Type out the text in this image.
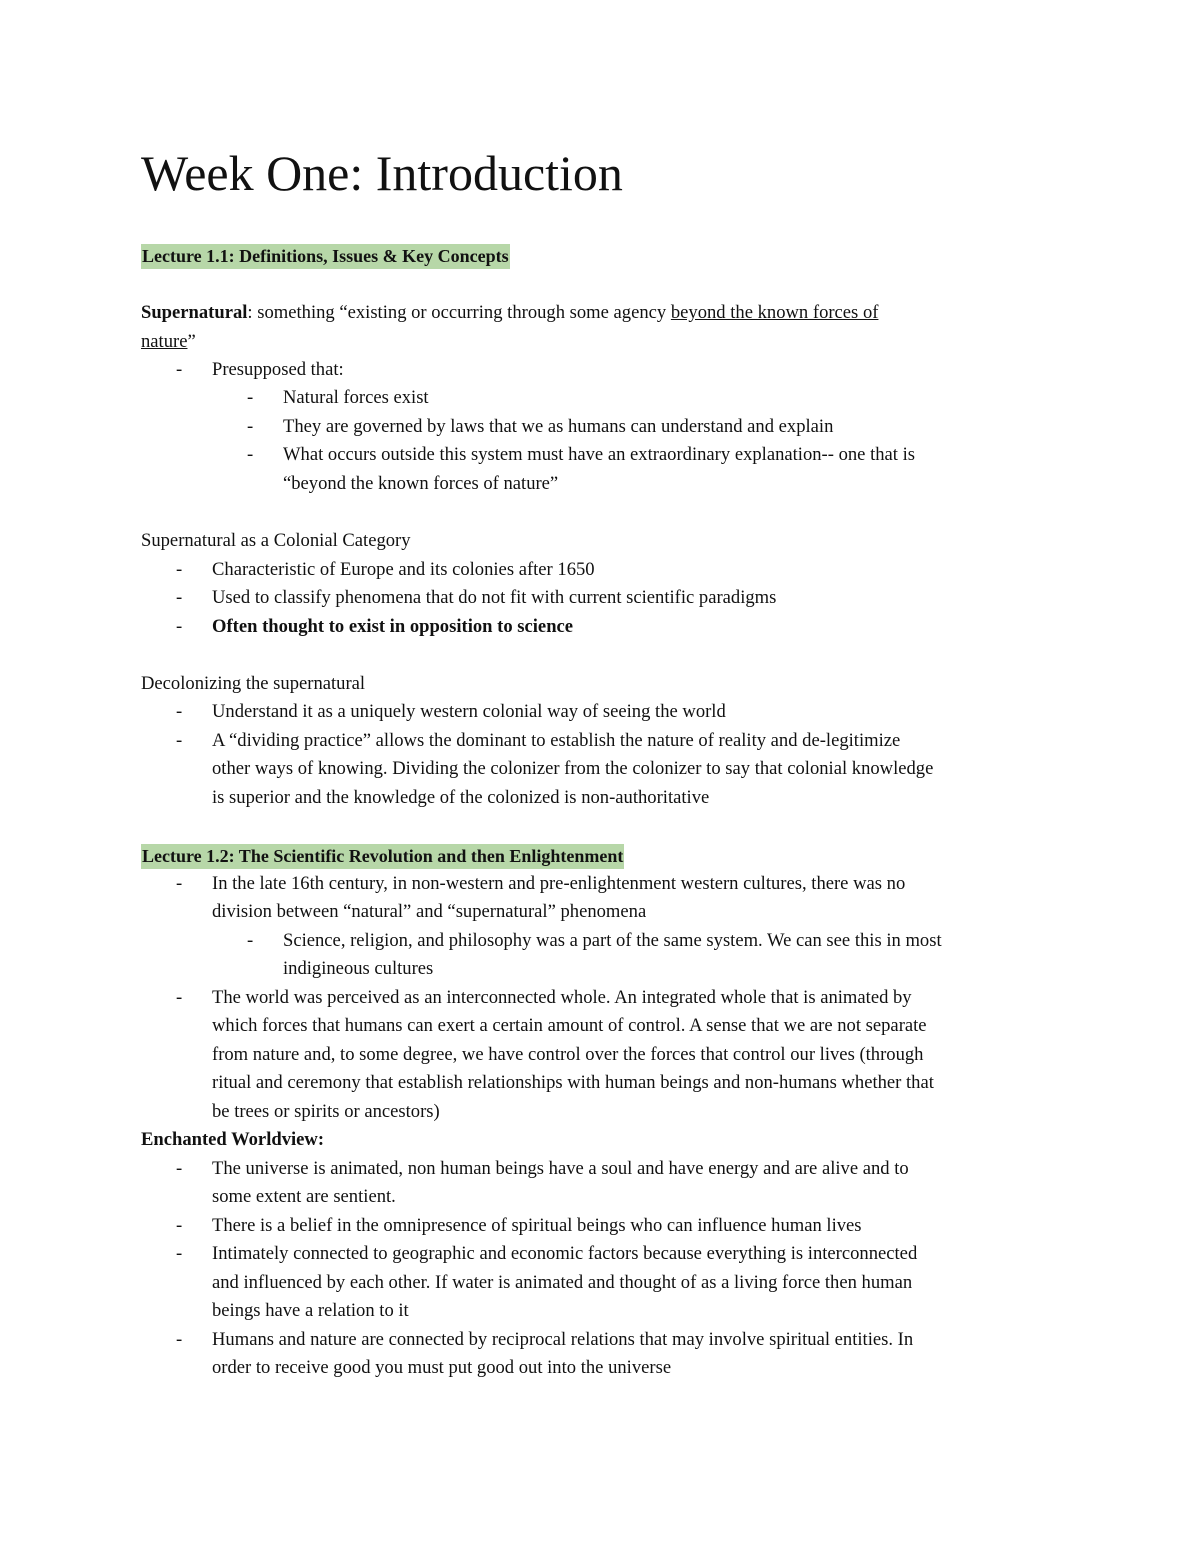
Week One: Introduction
Lecture 1.1: Definitions, Issues & Key Concepts
Supernatural: something “existing or occurring through some agency beyond the known forces of
nature”
- Presupposed that:
- Natural forces exist
- They are governed by laws that we as humans can understand and explain
- What occurs outside this system must have an extraordinary explanation-- one that is
“beyond the known forces of nature”
Supernatural as a Colonial Category
- Characteristic of Europe and its colonies after 1650
- Used to classify phenomena that do not fit with current scientific paradigms
- Often thought to exist in opposition to science
Decolonizing the supernatural
- Understand it as a uniquely western colonial way of seeing the world
- A “dividing practice” allows the dominant to establish the nature of reality and de-legitimize
other ways of knowing. Dividing the colonizer from the colonizer to say that colonial knowledge
is superior and the knowledge of the colonized is non-authoritative
Lecture 1.2: The Scientific Revolution and then Enlightenment
- In the late 16th century, in non-western and pre-enlightenment western cultures, there was no
division between “natural” and “supernatural” phenomena
- Science, religion, and philosophy was a part of the same system. We can see this in most
indigineous cultures
- The world was perceived as an interconnected whole. An integrated whole that is animated by
which forces that humans can exert a certain amount of control. A sense that we are not separate
from nature and, to some degree, we have control over the forces that control our lives (through
ritual and ceremony that establish relationships with human beings and non-humans whether that
be trees or spirits or ancestors)
Enchanted Worldview:
- The universe is animated, non human beings have a soul and have energy and are alive and to
some extent are sentient.
- There is a belief in the omnipresence of spiritual beings who can influence human lives
- Intimately connected to geographic and economic factors because everything is interconnected
and influenced by each other. If water is animated and thought of as a living force then human
beings have a relation to it
- Humans and nature are connected by reciprocal relations that may involve spiritual entities. In
order to receive good you must put good out into the universe
